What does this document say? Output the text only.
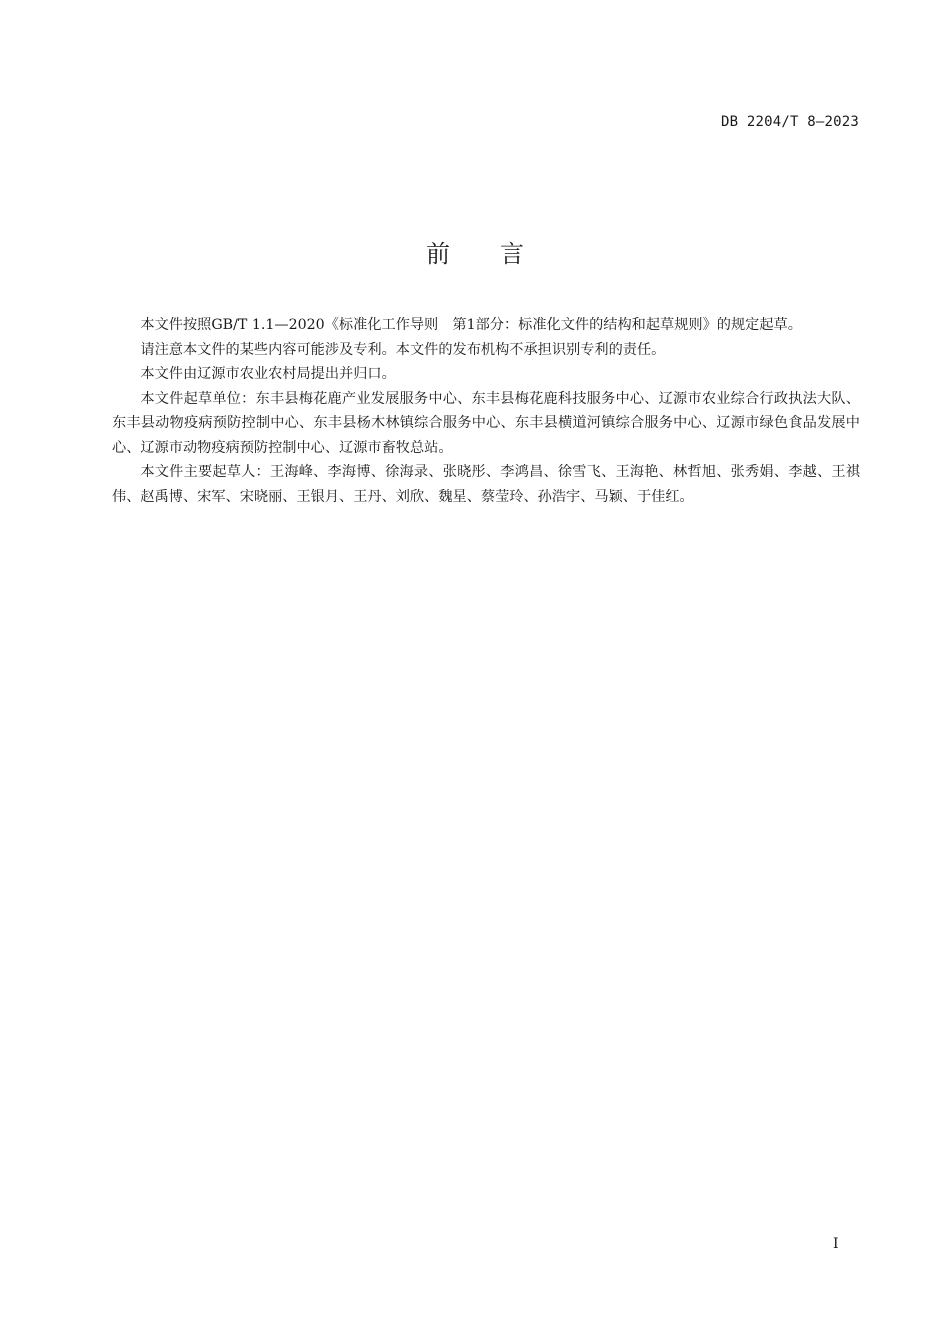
DB 2204/T 8—2023
前 言

本文件按照GB/T 1.1—2020《标准化工作导则　第1部分：标准化文件的结构和起草规则》的规定起草。

请注意本文件的某些内容可能涉及专利。本文件的发布机构不承担识别专利的责任。

本文件由辽源市农业农村局提出并归口。

本文件起草单位：东丰县梅花鹿产业发展服务中心、东丰县梅花鹿科技服务中心、辽源市农业综合行政执法大队、东丰县动物疫病预防控制中心、东丰县杨木林镇综合服务中心、东丰县横道河镇综合服务中心、辽源市绿色食品发展中心、辽源市动物疫病预防控制中心、辽源市畜牧总站。

本文件主要起草人：王海峰、李海博、徐海录、张晓彤、李鸿昌、徐雪飞、王海艳、林哲旭、张秀娟、李越、王祺伟、赵禹博、宋军、宋晓丽、王银月、王丹、刘欣、魏星、蔡莹玲、孙浩宇、马颖、于佳红。

I
